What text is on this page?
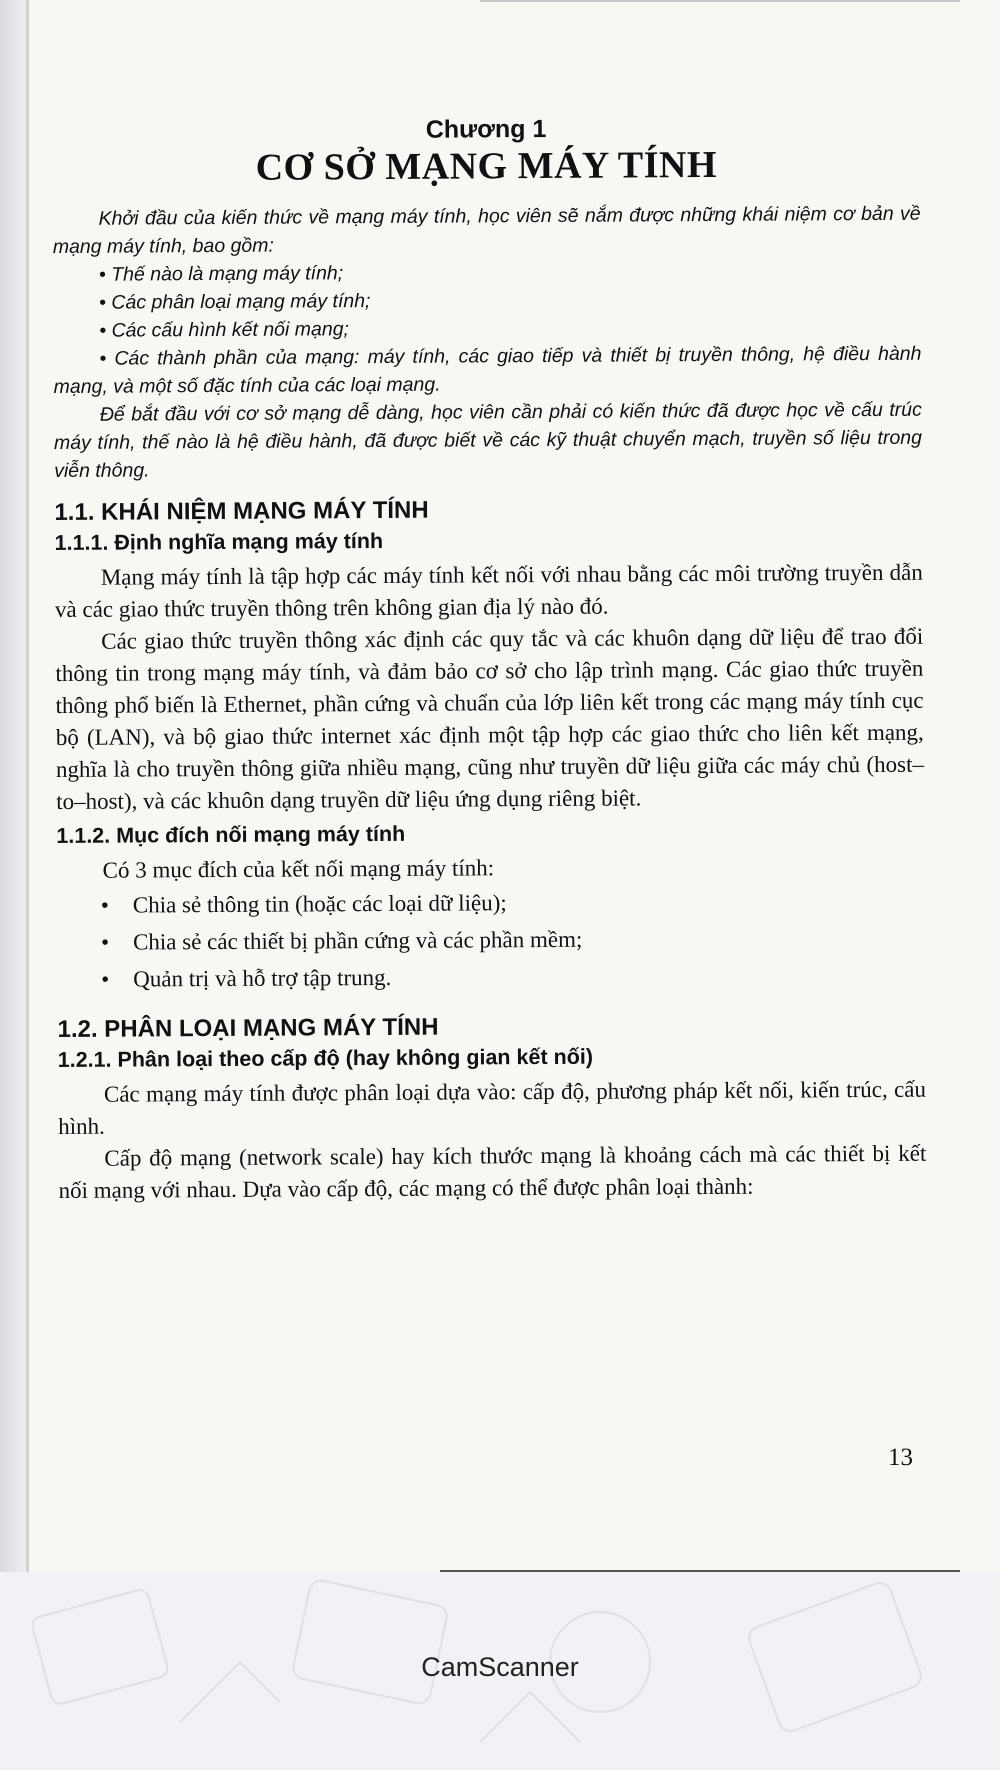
Chương 1

CƠ SỞ MẠNG MÁY TÍNH

Khởi đầu của kiến thức về mạng máy tính, học viên sẽ nắm được những khái niệm cơ bản về mạng máy tính, bao gồm:

• Thế nào là mạng máy tính;

• Các phân loại mạng máy tính;

• Các cấu hình kết nối mạng;

• Các thành phần của mạng: máy tính, các giao tiếp và thiết bị truyền thông, hệ điều hành mạng, và một số đặc tính của các loại mạng.

Để bắt đầu với cơ sở mạng dễ dàng, học viên cần phải có kiến thức đã được học về cấu trúc máy tính, thế nào là hệ điều hành, đã được biết về các kỹ thuật chuyển mạch, truyền số liệu trong viễn thông.

1.1. KHÁI NIỆM MẠNG MÁY TÍNH
1.1.1. Định nghĩa mạng máy tính

Mạng máy tính là tập hợp các máy tính kết nối với nhau bằng các môi trường truyền dẫn và các giao thức truyền thông trên không gian địa lý nào đó.

Các giao thức truyền thông xác định các quy tắc và các khuôn dạng dữ liệu để trao đổi thông tin trong mạng máy tính, và đảm bảo cơ sở cho lập trình mạng. Các giao thức truyền thông phổ biến là Ethernet, phần cứng và chuẩn của lớp liên kết trong các mạng máy tính cục bộ (LAN), và bộ giao thức internet xác định một tập hợp các giao thức cho liên kết mạng, nghĩa là cho truyền thông giữa nhiều mạng, cũng như truyền dữ liệu giữa các máy chủ (host–to–host), và các khuôn dạng truyền dữ liệu ứng dụng riêng biệt.

1.1.2. Mục đích nối mạng máy tính

Có 3 mục đích của kết nối mạng máy tính:

• Chia sẻ thông tin (hoặc các loại dữ liệu);
• Chia sẻ các thiết bị phần cứng và các phần mềm;
• Quản trị và hỗ trợ tập trung.
1.2. PHÂN LOẠI MẠNG MÁY TÍNH
1.2.1. Phân loại theo cấp độ (hay không gian kết nối)

Các mạng máy tính được phân loại dựa vào: cấp độ, phương pháp kết nối, kiến trúc, cấu hình.

Cấp độ mạng (network scale) hay kích thước mạng là khoảng cách mà các thiết bị kết nối mạng với nhau. Dựa vào cấp độ, các mạng có thể được phân loại thành:

13
CamScanner
